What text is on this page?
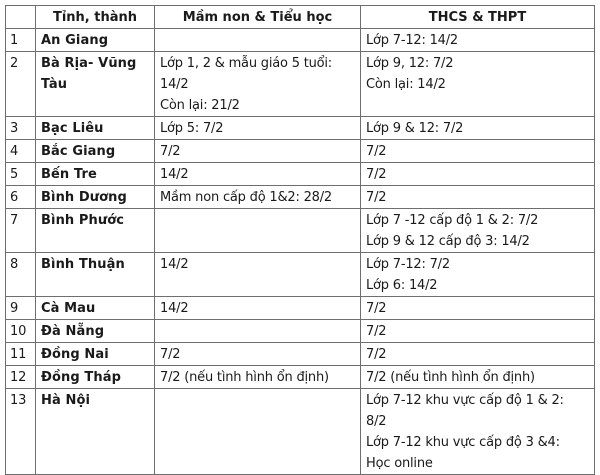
	Tỉnh, thành	Mầm non & Tiểu học	THCS & THPT
1	An Giang		Lớp 7-12: 14/2

2	Bà Rịa- Vũng Tàu	Lớp 1, 2 & mẫu giáo 5 tuổi:
14/2
Còn lại: 21/2	Lớp 9, 12: 7/2
Còn lại: 14/2

3	Bạc Liêu	Lớp 5: 7/2	Lớp 9 & 12: 7/2

4	Bắc Giang	7/2	7/2

5	Bến Tre	14/2	7/2

6	Bình Dương	Mầm non cấp độ 1&2: 28/2	7/2

7	Bình Phước		Lớp 7 -12 cấp độ 1 & 2: 7/2
Lớp 9 & 12 cấp độ 3: 14/2

8	Bình Thuận	14/2	Lớp 7-12: 7/2
Lớp 6: 14/2

9	Cà Mau	14/2	7/2

10	Đà Nẵng		7/2

11	Đồng Nai	7/2	7/2

12	Đồng Tháp	7/2 (nếu tình hình ổn định)	7/2 (nếu tình hình ổn định)

13	Hà Nội		Lớp 7-12 khu vực cấp độ 1 & 2:
8/2
Lớp 7-12 khu vực cấp độ 3 &4:
Học online
